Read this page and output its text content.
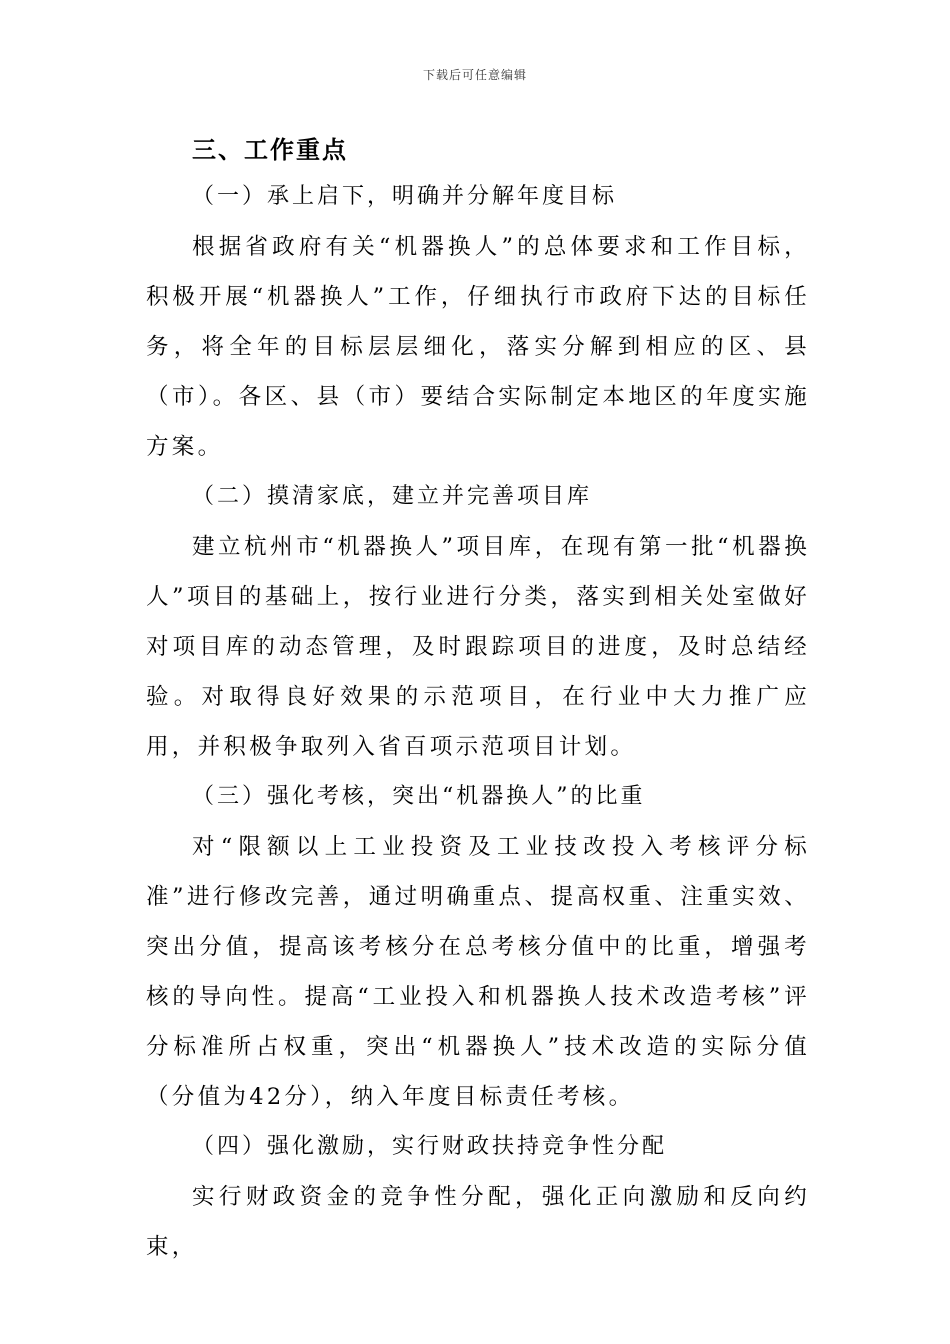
下载后可任意编辑
三、工作重点

（一）承上启下，明确并分解年度目标

根据省政府有关“机器换人”的总体要求和工作目标，积极开展“机器换人”工作，仔细执行市政府下达的目标任务，将全年的目标层层细化，落实分解到相应的区、县（市）。各区、县（市）要结合实际制定本地区的年度实施方案。

（二）摸清家底，建立并完善项目库

建立杭州市“机器换人”项目库，在现有第一批“机器换人”项目的基础上，按行业进行分类，落实到相关处室做好对项目库的动态管理，及时跟踪项目的进度，及时总结经验。对取得良好效果的示范项目，在行业中大力推广应用，并积极争取列入省百项示范项目计划。

（三）强化考核，突出“机器换人”的比重

对“限额以上工业投资及工业技改投入考核评分标准”进行修改完善，通过明确重点、提高权重、注重实效、突出分值，提高该考核分在总考核分值中的比重，增强考核的导向性。提高“工业投入和机器换人技术改造考核”评分标准所占权重，突出“机器换人”技术改造的实际分值（分值为42分），纳入年度目标责任考核。

（四）强化激励，实行财政扶持竞争性分配

实行财政资金的竞争性分配，强化正向激励和反向约束，
